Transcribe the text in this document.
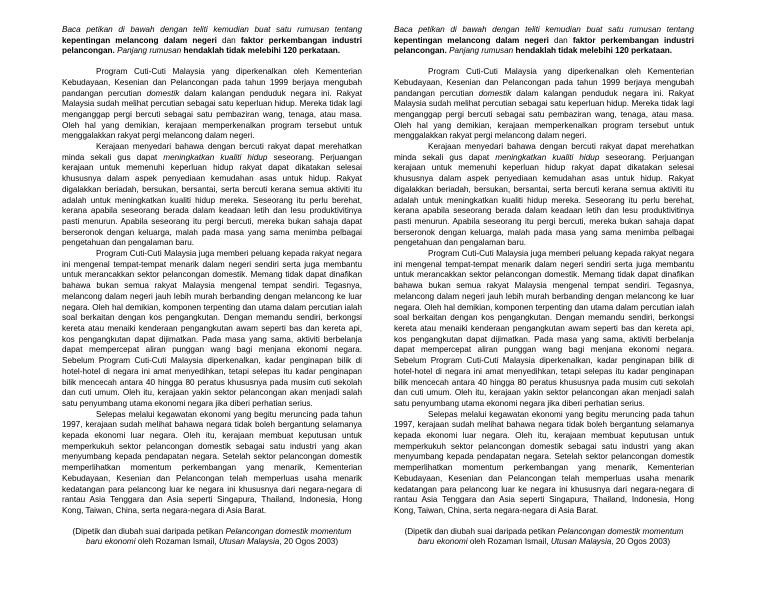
Baca petikan di bawah dengan teliti kemudian buat satu rumusan tentang kepentingan melancong dalam negeri dan faktor perkembangan industri pelancongan. Panjang rumusan hendaklah tidak melebihi 120 perkataan.

Program Cuti-Cuti Malaysia yang diperkenalkan oleh Kementerian Kebudayaan, Kesenian dan Pelancongan pada tahun 1999 berjaya mengubah pandangan percutian domestik dalam kalangan penduduk negara ini. Rakyat Malaysia sudah melihat percutian sebagai satu keperluan hidup. Mereka tidak lagi menganggap pergi bercuti sebagai satu pembaziran wang, tenaga, atau masa. Oleh hal yang demikian, kerajaan memperkenalkan program tersebut untuk menggalakkan rakyat pergi melancong dalam negeri.

Kerajaan menyedari bahawa dengan bercuti rakyat dapat merehatkan minda sekali gus dapat meningkatkan kualiti hidup seseorang. Perjuangan kerajaan untuk memenuhi keperluan hidup rakyat dapat dikatakan selesai khususnya dalam aspek penyediaan kemudahan asas untuk hidup. Rakyat digalakkan beriadah, bersukan, bersantai, serta bercuti kerana semua aktiviti itu adalah untuk meningkatkan kualiti hidup mereka. Seseorang itu perlu berehat, kerana apabila seseorang berada dalam keadaan letih dan lesu produktivitinya pasti menurun. Apabila seseorang itu pergi bercuti, mereka bukan sahaja dapat berseronok dengan keluarga, malah pada masa yang sama menimba pelbagai pengetahuan dan pengalaman baru.

Program Cuti-Cuti Malaysia juga memberi peluang kepada rakyat negara ini mengenal tempat-tempat menarik dalam negeri sendiri serta juga membantu untuk merancakkan sektor pelancongan domestik. Memang tidak dapat dinafikan bahawa bukan semua rakyat Malaysia mengenal tempat sendiri. Tegasnya, melancong dalam negeri jauh lebih murah berbanding dengan melancong ke luar negara. Oleh hal demikian, komponen terpenting dan utama dalam percutian ialah soal berkaitan dengan kos pengangkutan. Dengan memandu sendiri, berkongsi kereta atau menaiki kenderaan pengangkutan awam seperti bas dan kereta api, kos pengangkutan dapat dijimatkan. Pada masa yang sama, aktiviti berbelanja dapat mempercepat aliran punggan wang bagi menjana ekonomi negara. Sebelum Program Cuti-Cuti Malaysia diperkenalkan, kadar penginapan bilik di hotel-hotel di negara ini amat menyedihkan, tetapi selepas itu kadar penginapan bilik mencecah antara 40 hingga 80 peratus khususnya pada musim cuti sekolah dan cuti umum. Oleh itu, kerajaan yakin sektor pelancongan akan menjadi salah satu penyumbang utama ekonomi negara jika diberi perhatian serius.

Selepas melalui kegawatan ekonomi yang begitu meruncing pada tahun 1997, kerajaan sudah melihat bahawa negara tidak boleh bergantung selamanya kepada ekonomi luar negara. Oleh itu, kerajaan membuat keputusan untuk memperkukuh sektor pelancongan domestik sebagai satu industri yang akan menyumbang kepada pendapatan negara. Setelah sektor pelancongan domestik memperlihatkan momentum perkembangan yang menarik, Kementerian Kebudayaan, Kesenian dan Pelancongan telah memperluas usaha menarik kedatangan para pelancong luar ke negara ini khususnya dari negara-negara di rantau Asia Tenggara dan Asia seperti Singapura, Thailand, Indonesia, Hong Kong, Taiwan, China, serta negara-negara di Asia Barat.

(Dipetik dan diubah suai daripada petikan Pelancongan domestik momentum baru ekonomi oleh Rozaman Ismail, Utusan Malaysia, 20 Ogos 2003)

Baca petikan di bawah dengan teliti kemudian buat satu rumusan tentang kepentingan melancong dalam negeri dan faktor perkembangan industri pelancongan. Panjang rumusan hendaklah tidak melebihi 120 perkataan.

Program Cuti-Cuti Malaysia yang diperkenalkan oleh Kementerian Kebudayaan, Kesenian dan Pelancongan pada tahun 1999 berjaya mengubah pandangan percutian domestik dalam kalangan penduduk negara ini. Rakyat Malaysia sudah melihat percutian sebagai satu keperluan hidup. Mereka tidak lagi menganggap pergi bercuti sebagai satu pembaziran wang, tenaga, atau masa. Oleh hal yang demikian, kerajaan memperkenalkan program tersebut untuk menggalakkan rakyat pergi melancong dalam negeri.

Kerajaan menyedari bahawa dengan bercuti rakyat dapat merehatkan minda sekali gus dapat meningkatkan kualiti hidup seseorang. Perjuangan kerajaan untuk memenuhi keperluan hidup rakyat dapat dikatakan selesai khususnya dalam aspek penyediaan kemudahan asas untuk hidup. Rakyat digalakkan beriadah, bersukan, bersantai, serta bercuti kerana semua aktiviti itu adalah untuk meningkatkan kualiti hidup mereka. Seseorang itu perlu berehat, kerana apabila seseorang berada dalam keadaan letih dan lesu produktivitinya pasti menurun. Apabila seseorang itu pergi bercuti, mereka bukan sahaja dapat berseronok dengan keluarga, malah pada masa yang sama menimba pelbagai pengetahuan dan pengalaman baru.

Program Cuti-Cuti Malaysia juga memberi peluang kepada rakyat negara ini mengenal tempat-tempat menarik dalam negeri sendiri serta juga membantu untuk merancakkan sektor pelancongan domestik. Memang tidak dapat dinafikan bahawa bukan semua rakyat Malaysia mengenal tempat sendiri. Tegasnya, melancong dalam negeri jauh lebih murah berbanding dengan melancong ke luar negara. Oleh hal demikian, komponen terpenting dan utama dalam percutian ialah soal berkaitan dengan kos pengangkutan. Dengan memandu sendiri, berkongsi kereta atau menaiki kenderaan pengangkutan awam seperti bas dan kereta api, kos pengangkutan dapat dijimatkan. Pada masa yang sama, aktiviti berbelanja dapat mempercepat aliran punggan wang bagi menjana ekonomi negara. Sebelum Program Cuti-Cuti Malaysia diperkenalkan, kadar penginapan bilik di hotel-hotel di negara ini amat menyedihkan, tetapi selepas itu kadar penginapan bilik mencecah antara 40 hingga 80 peratus khususnya pada musim cuti sekolah dan cuti umum. Oleh itu, kerajaan yakin sektor pelancongan akan menjadi salah satu penyumbang utama ekonomi negara jika diberi perhatian serius.

Selepas melalui kegawatan ekonomi yang begitu meruncing pada tahun 1997, kerajaan sudah melihat bahawa negara tidak boleh bergantung selamanya kepada ekonomi luar negara. Oleh itu, kerajaan membuat keputusan untuk memperkukuh sektor pelancongan domestik sebagai satu industri yang akan menyumbang kepada pendapatan negara. Setelah sektor pelancongan domestik memperlihatkan momentum perkembangan yang menarik, Kementerian Kebudayaan, Kesenian dan Pelancongan telah memperluas usaha menarik kedatangan para pelancong luar ke negara ini khususnya dari negara-negara di rantau Asia Tenggara dan Asia seperti Singapura, Thailand, Indonesia, Hong Kong, Taiwan, China, serta negara-negara di Asia Barat.

(Dipetik dan diubah suai daripada petikan Pelancongan domestik momentum baru ekonomi oleh Rozaman Ismail, Utusan Malaysia, 20 Ogos 2003)
